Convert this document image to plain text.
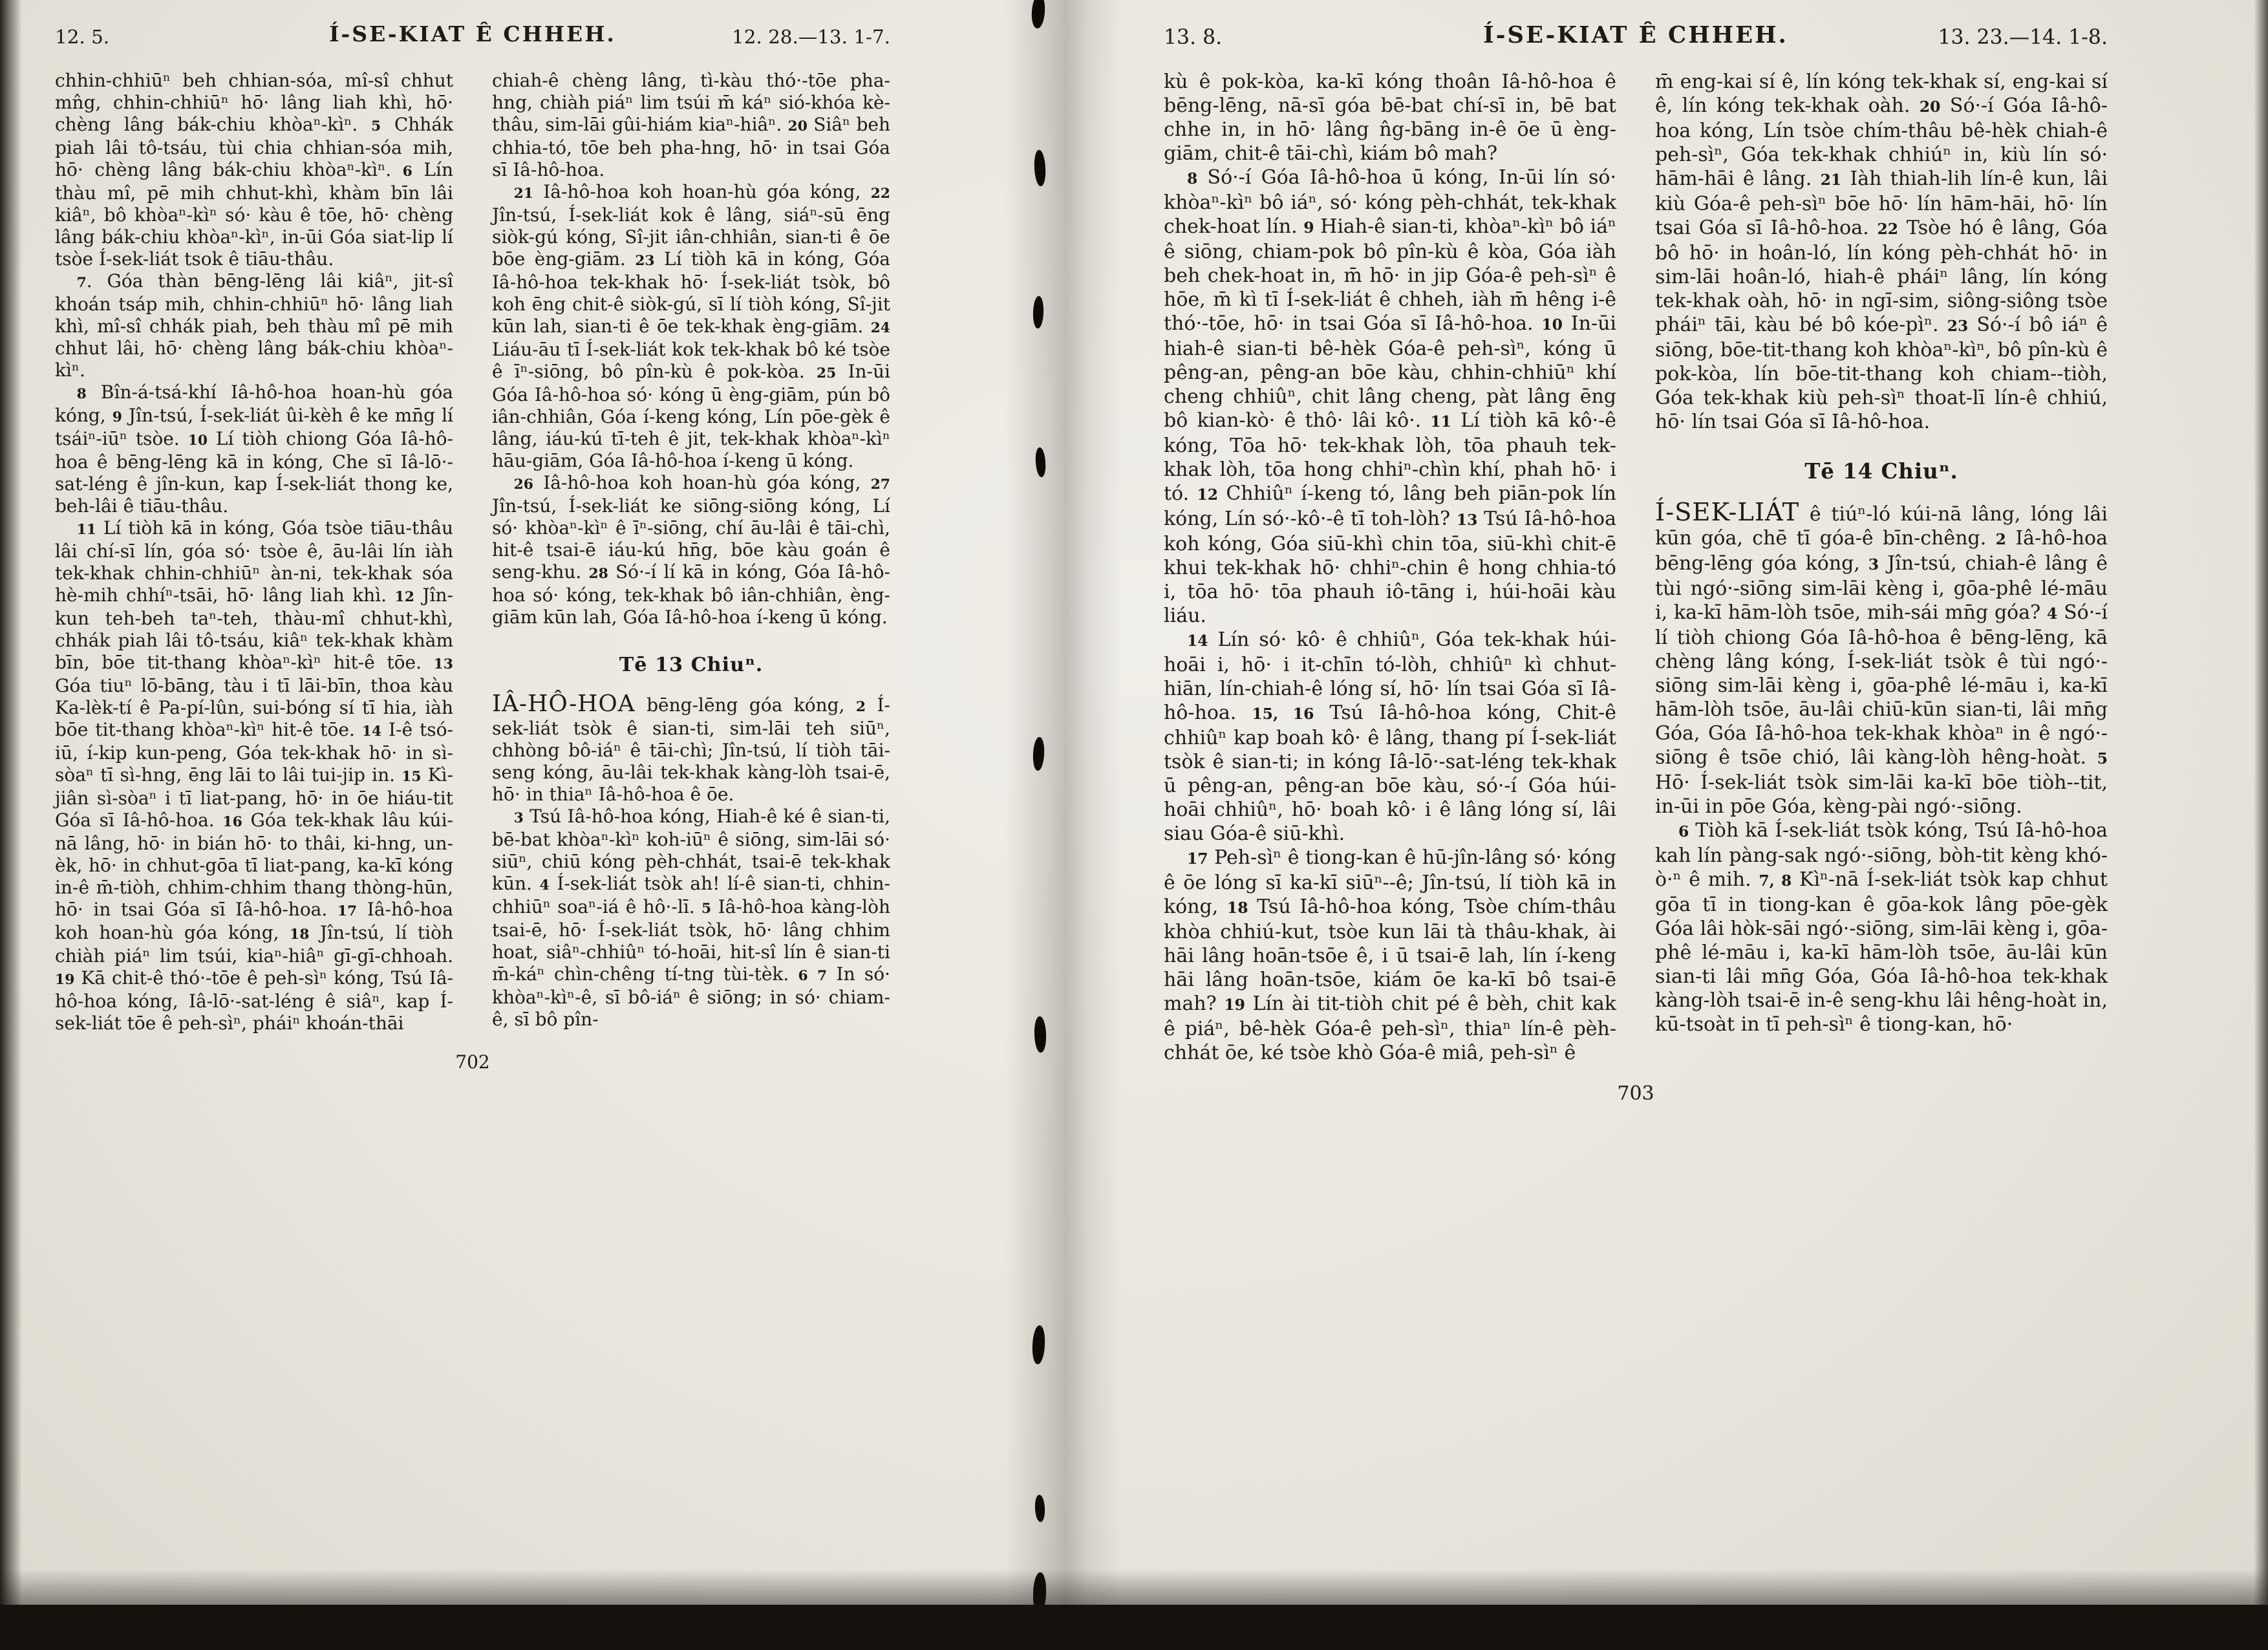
12. 5.	Í-SE-KIAT Ê CHHEH.	12. 28.—13. 1-7.

chhin-chhiūⁿ beh chhian-sóa, mî-sî chhut mn̂g, chhin-chhiūⁿ hō· lâng liah khì, hō· chèng lâng bák-chiu khòaⁿ-kìⁿ. 5 Chhák piah lâi tô-tsáu, tùi chia chhian-sóa mih, hō· chèng lâng bák-chiu khòaⁿ-kìⁿ. 6 Lín thàu mî, pē mih chhut-khì, khàm bīn lâi kiâⁿ, bô khòaⁿ-kìⁿ só· kàu ê tōe, hō· chèng lâng bák-chiu khòaⁿ-kìⁿ, in-ūi Góa siat-lip lí tsòe Í-sek-liát tsok ê tiāu-thâu.

7. Góa thàn bēng-lēng lâi kiâⁿ, jit-sî khoán tsáp mih, chhin-chhiūⁿ hō· lâng liah khì, mî-sî chhák piah, beh thàu mî pē mih chhut lâi, hō· chèng lâng bák-chiu khòaⁿ-kìⁿ.

8 Bîn-á-tsá-khí Iâ-hô-hoa hoan-hù góa kóng, 9 Jîn-tsú, Í-sek-liát ûi-kèh ê ke mn̄g lí tsáiⁿ-iūⁿ tsòe. 10 Lí tiòh chiong Góa Iâ-hô-hoa ê bēng-lēng kā in kóng, Che sī Iâ-lō·-sat-léng ê jîn-kun, kap Í-sek-liát thong ke, beh-lâi ê tiāu-thâu.

11 Lí tiòh kā in kóng, Góa tsòe tiāu-thâu lâi chí-sī lín, góa só· tsòe ê, āu-lâi lín iàh tek-khak chhin-chhiūⁿ àn-ni, tek-khak sóa hè-mih chhíⁿ-tsāi, hō· lâng liah khì. 12 Jîn-kun teh-beh taⁿ-teh, thàu-mî chhut-khì, chhák piah lâi tô-tsáu, kiâⁿ tek-khak khàm bīn, bōe tit-thang khòaⁿ-kìⁿ hit-ê tōe. 13 Góa tiuⁿ lō-bāng, tàu i tī lāi-bīn, thoa kàu Ka-lèk-tí ê Pa-pí-lûn, sui-bóng sí tī hia, iàh bōe tit-thang khòaⁿ-kìⁿ hit-ê tōe. 14 I-ê tsó-iū, í-kip kun-peng, Góa tek-khak hō· in sì-sòaⁿ tī sì-hng, ēng lāi to lâi tui-jip in. 15 Kì-jiân sì-sòaⁿ i tī liat-pang, hō· in ōe hiáu-tit Góa sī Iâ-hô-hoa. 16 Góa tek-khak lâu kúi-nā lâng, hō· in bián hō· to thâi, ki-hng, un-èk, hō· in chhut-gōa tī liat-pang, ka-kī kóng in-ê m̄-tiòh, chhim-chhim thang thòng-hūn, hō· in tsai Góa sī Iâ-hô-hoa. 17 Iâ-hô-hoa koh hoan-hù góa kóng, 18 Jîn-tsú, lí tiòh chiàh piáⁿ lim tsúi, kiaⁿ-hiâⁿ gī-gī-chhoah. 19 Kā chit-ê thó·-tōe ê peh-sìⁿ kóng, Tsú Iâ-hô-hoa kóng, Iâ-lō·-sat-léng ê siâⁿ, kap Í-sek-liát tōe ê peh-sìⁿ, pháiⁿ khoán-thāi

chiah-ê chèng lâng, tì-kàu thó·-tōe pha-hng, chiàh piáⁿ lim tsúi m̄ káⁿ sió-khóa kè-thâu, sim-lāi gûi-hiám kiaⁿ-hiâⁿ. 20 Siâⁿ beh chhia-tó, tōe beh pha-hng, hō· in tsai Góa sī Iâ-hô-hoa.

21 Iâ-hô-hoa koh hoan-hù góa kóng, 22 Jîn-tsú, Í-sek-liát kok ê lâng, siáⁿ-sū ēng siòk-gú kóng, Sî-jit iân-chhiân, sian-ti ê ōe bōe èng-giām. 23 Lí tiòh kā in kóng, Góa Iâ-hô-hoa tek-khak hō· Í-sek-liát tsòk, bô koh ēng chit-ê siòk-gú, sī lí tiòh kóng, Sî-jit kūn lah, sian-ti ê ōe tek-khak èng-giām. 24 Liáu-āu tī Í-sek-liát kok tek-khak bô ké tsòe ê īⁿ-siōng, bô pîn-kù ê pok-kòa. 25 In-ūi Góa Iâ-hô-hoa só· kóng ū èng-giām, pún bô iân-chhiân, Góa í-keng kóng, Lín pōe-gèk ê lâng, iáu-kú tī-teh ê jit, tek-khak khòaⁿ-kìⁿ hāu-giām, Góa Iâ-hô-hoa í-keng ū kóng.

26 Iâ-hô-hoa koh hoan-hù góa kóng, 27 Jîn-tsú, Í-sek-liát ke siōng-siōng kóng, Lí só· khòaⁿ-kìⁿ ê īⁿ-siōng, chí āu-lâi ê tāi-chì, hit-ê tsai-ē iáu-kú hn̄g, bōe kàu goán ê seng-khu. 28 Só·-í lí kā in kóng, Góa Iâ-hô-hoa só· kóng, tek-khak bô iân-chhiân, èng-giām kūn lah, Góa Iâ-hô-hoa í-keng ū kóng.

Tē 13 Chiuⁿ.

IÂ-HÔ-HOA bēng-lēng góa kóng, 2 Í-sek-liát tsòk ê sian-ti, sim-lāi teh siūⁿ, chhòng bô-iáⁿ ê tāi-chì; Jîn-tsú, lí tiòh tāi-seng kóng, āu-lâi tek-khak kàng-lòh tsai-ē, hō· in thiaⁿ Iâ-hô-hoa ê ōe.

3 Tsú Iâ-hô-hoa kóng, Hiah-ê ké ê sian-ti, bē-bat khòaⁿ-kìⁿ koh-iūⁿ ê siōng, sim-lāi só· siūⁿ, chiū kóng pèh-chhát, tsai-ē tek-khak kūn. 4 Í-sek-liát tsòk ah! lí-ê sian-ti, chhin-chhiūⁿ soaⁿ-iá ê hô·-lī. 5 Iâ-hô-hoa kàng-lòh tsai-ē, hō· Í-sek-liát tsòk, hō· lâng chhim hoat, siâⁿ-chhiûⁿ tó-hoāi, hit-sî lín ê sian-ti m̄-káⁿ chìn-chêng tí-tng tùi-tèk. 6 7 In só· khòaⁿ-kìⁿ-ê, sī bô-iáⁿ ê siōng; in só· chiam-ê, sī bô pîn-

702
13. 8.	Í-SE-KIAT Ê CHHEH.	13. 23.—14. 1-8.

kù ê pok-kòa, ka-kī kóng thoân Iâ-hô-hoa ê bēng-lēng, nā-sī góa bē-bat chí-sī in, bē bat chhe in, in hō· lâng n̂g-bāng in-ê ōe ū èng-giām, chit-ê tāi-chì, kiám bô mah?

8 Só·-í Góa Iâ-hô-hoa ū kóng, In-ūi lín só· khòaⁿ-kìⁿ bô iáⁿ, só· kóng pèh-chhát, tek-khak chek-hoat lín. 9 Hiah-ê sian-ti, khòaⁿ-kìⁿ bô iáⁿ ê siōng, chiam-pok bô pîn-kù ê kòa, Góa iàh beh chek-hoat in, m̄ hō· in jip Góa-ê peh-sìⁿ ê hōe, m̄ kì tī Í-sek-liát ê chheh, iàh m̄ hêng i-ê thó·-tōe, hō· in tsai Góa sī Iâ-hô-hoa. 10 In-ūi hiah-ê sian-ti bê-hèk Góa-ê peh-sìⁿ, kóng ū pêng-an, pêng-an bōe kàu, chhin-chhiūⁿ khí cheng chhiûⁿ, chit lâng cheng, pàt lâng ēng bô kian-kò· ê thô· lâi kô·. 11 Lí tiòh kā kô·-ê kóng, Tōa hō· tek-khak lòh, tōa phauh tek-khak lòh, tōa hong chhiⁿ-chìn khí, phah hō· i tó. 12 Chhiûⁿ í-keng tó, lâng beh piān-pok lín kóng, Lín só·-kô·-ê tī toh-lòh? 13 Tsú Iâ-hô-hoa koh kóng, Góa siū-khì chin tōa, siū-khì chit-ē khui tek-khak hō· chhiⁿ-chin ê hong chhia-tó i, tōa hō· tōa phauh iô-tāng i, húi-hoāi kàu liáu.

14 Lín só· kô· ê chhiûⁿ, Góa tek-khak húi-hoāi i, hō· i it-chīn tó-lòh, chhiûⁿ kì chhut-hiān, lín-chiah-ê lóng sí, hō· lín tsai Góa sī Iâ-hô-hoa. 15, 16 Tsú Iâ-hô-hoa kóng, Chit-ê chhiûⁿ kap boah kô· ê lâng, thang pí Í-sek-liát tsòk ê sian-ti; in kóng Iâ-lō·-sat-léng tek-khak ū pêng-an, pêng-an bōe kàu, só·-í Góa húi-hoāi chhiûⁿ, hō· boah kô· i ê lâng lóng sí, lâi siau Góa-ê siū-khì.

17 Peh-sìⁿ ê tiong-kan ê hū-jîn-lâng só· kóng ê ōe lóng sī ka-kī siūⁿ--ê; Jîn-tsú, lí tiòh kā in kóng, 18 Tsú Iâ-hô-hoa kóng, Tsòe chím-thâu khòa chhiú-kut, tsòe kun lāi tà thâu-khak, ài hāi lâng hoān-tsōe ê, i ū tsai-ē lah, lín í-keng hāi lâng hoān-tsōe, kiám ōe ka-kī bô tsai-ē mah? 19 Lín ài tit-tiòh chit pé ê bèh, chit kak ê piáⁿ, bê-hèk Góa-ê peh-sìⁿ, thiaⁿ lín-ê pèh-chhát ōe, ké tsòe khò Góa-ê miâ, peh-sìⁿ ê

m̄ eng-kai sí ê, lín kóng tek-khak sí, eng-kai sí ê, lín kóng tek-khak oàh. 20 Só·-í Góa Iâ-hô-hoa kóng, Lín tsòe chím-thâu bê-hèk chiah-ê peh-sìⁿ, Góa tek-khak chhiúⁿ in, kiù lín só· hām-hāi ê lâng. 21 Iàh thiah-lih lín-ê kun, lâi kiù Góa-ê peh-sìⁿ bōe hō· lín hām-hāi, hō· lín tsai Góa sī Iâ-hô-hoa. 22 Tsòe hó ê lâng, Góa bô hō· in hoân-ló, lín kóng pèh-chhát hō· in sim-lāi hoân-ló, hiah-ê pháiⁿ lâng, lín kóng tek-khak oàh, hō· in ngī-sim, siông-siông tsòe pháiⁿ tāi, kàu bé bô kóe-pìⁿ. 23 Só·-í bô iáⁿ ê siōng, bōe-tit-thang koh khòaⁿ-kìⁿ, bô pîn-kù ê pok-kòa, lín bōe-tit-thang koh chiam--tiòh, Góa tek-khak kiù peh-sìⁿ thoat-lī lín-ê chhiú, hō· lín tsai Góa sī Iâ-hô-hoa.

Tē 14 Chiuⁿ.

Í-SEK-LIÁT ê tiúⁿ-ló kúi-nā lâng, lóng lâi kūn góa, chē tī góa-ê bīn-chêng. 2 Iâ-hô-hoa bēng-lēng góa kóng, 3 Jîn-tsú, chiah-ê lâng ê tùi ngó·-siōng sim-lāi kèng i, gōa-phê lé-māu i, ka-kī hām-lòh tsōe, mih-sái mn̄g góa? 4 Só·-í lí tiòh chiong Góa Iâ-hô-hoa ê bēng-lēng, kā chèng lâng kóng, Í-sek-liát tsòk ê tùi ngó·-siōng sim-lāi kèng i, gōa-phê lé-māu i, ka-kī hām-lòh tsōe, āu-lâi chiū-kūn sian-ti, lâi mn̄g Góa, Góa Iâ-hô-hoa tek-khak khòaⁿ in ê ngó·-siōng ê tsōe chió, lâi kàng-lòh hêng-hoàt. 5 Hō· Í-sek-liát tsòk sim-lāi ka-kī bōe tiòh--tit, in-ūi in pōe Góa, kèng-pài ngó·-siōng.

6 Tiòh kā Í-sek-liát tsòk kóng, Tsú Iâ-hô-hoa kah lín pàng-sak ngó·-siōng, bòh-tit kèng khó-ò·ⁿ ê mih. 7, 8 Kìⁿ-nā Í-sek-liát tsòk kap chhut gōa tī in tiong-kan ê gōa-kok lâng pōe-gèk Góa lâi hòk-sāi ngó·-siōng, sim-lāi kèng i, gōa-phê lé-māu i, ka-kī hām-lòh tsōe, āu-lâi kūn sian-ti lâi mn̄g Góa, Góa Iâ-hô-hoa tek-khak kàng-lòh tsai-ē in-ê seng-khu lâi hêng-hoàt in, kū-tsoàt in tī peh-sìⁿ ê tiong-kan, hō·

703
